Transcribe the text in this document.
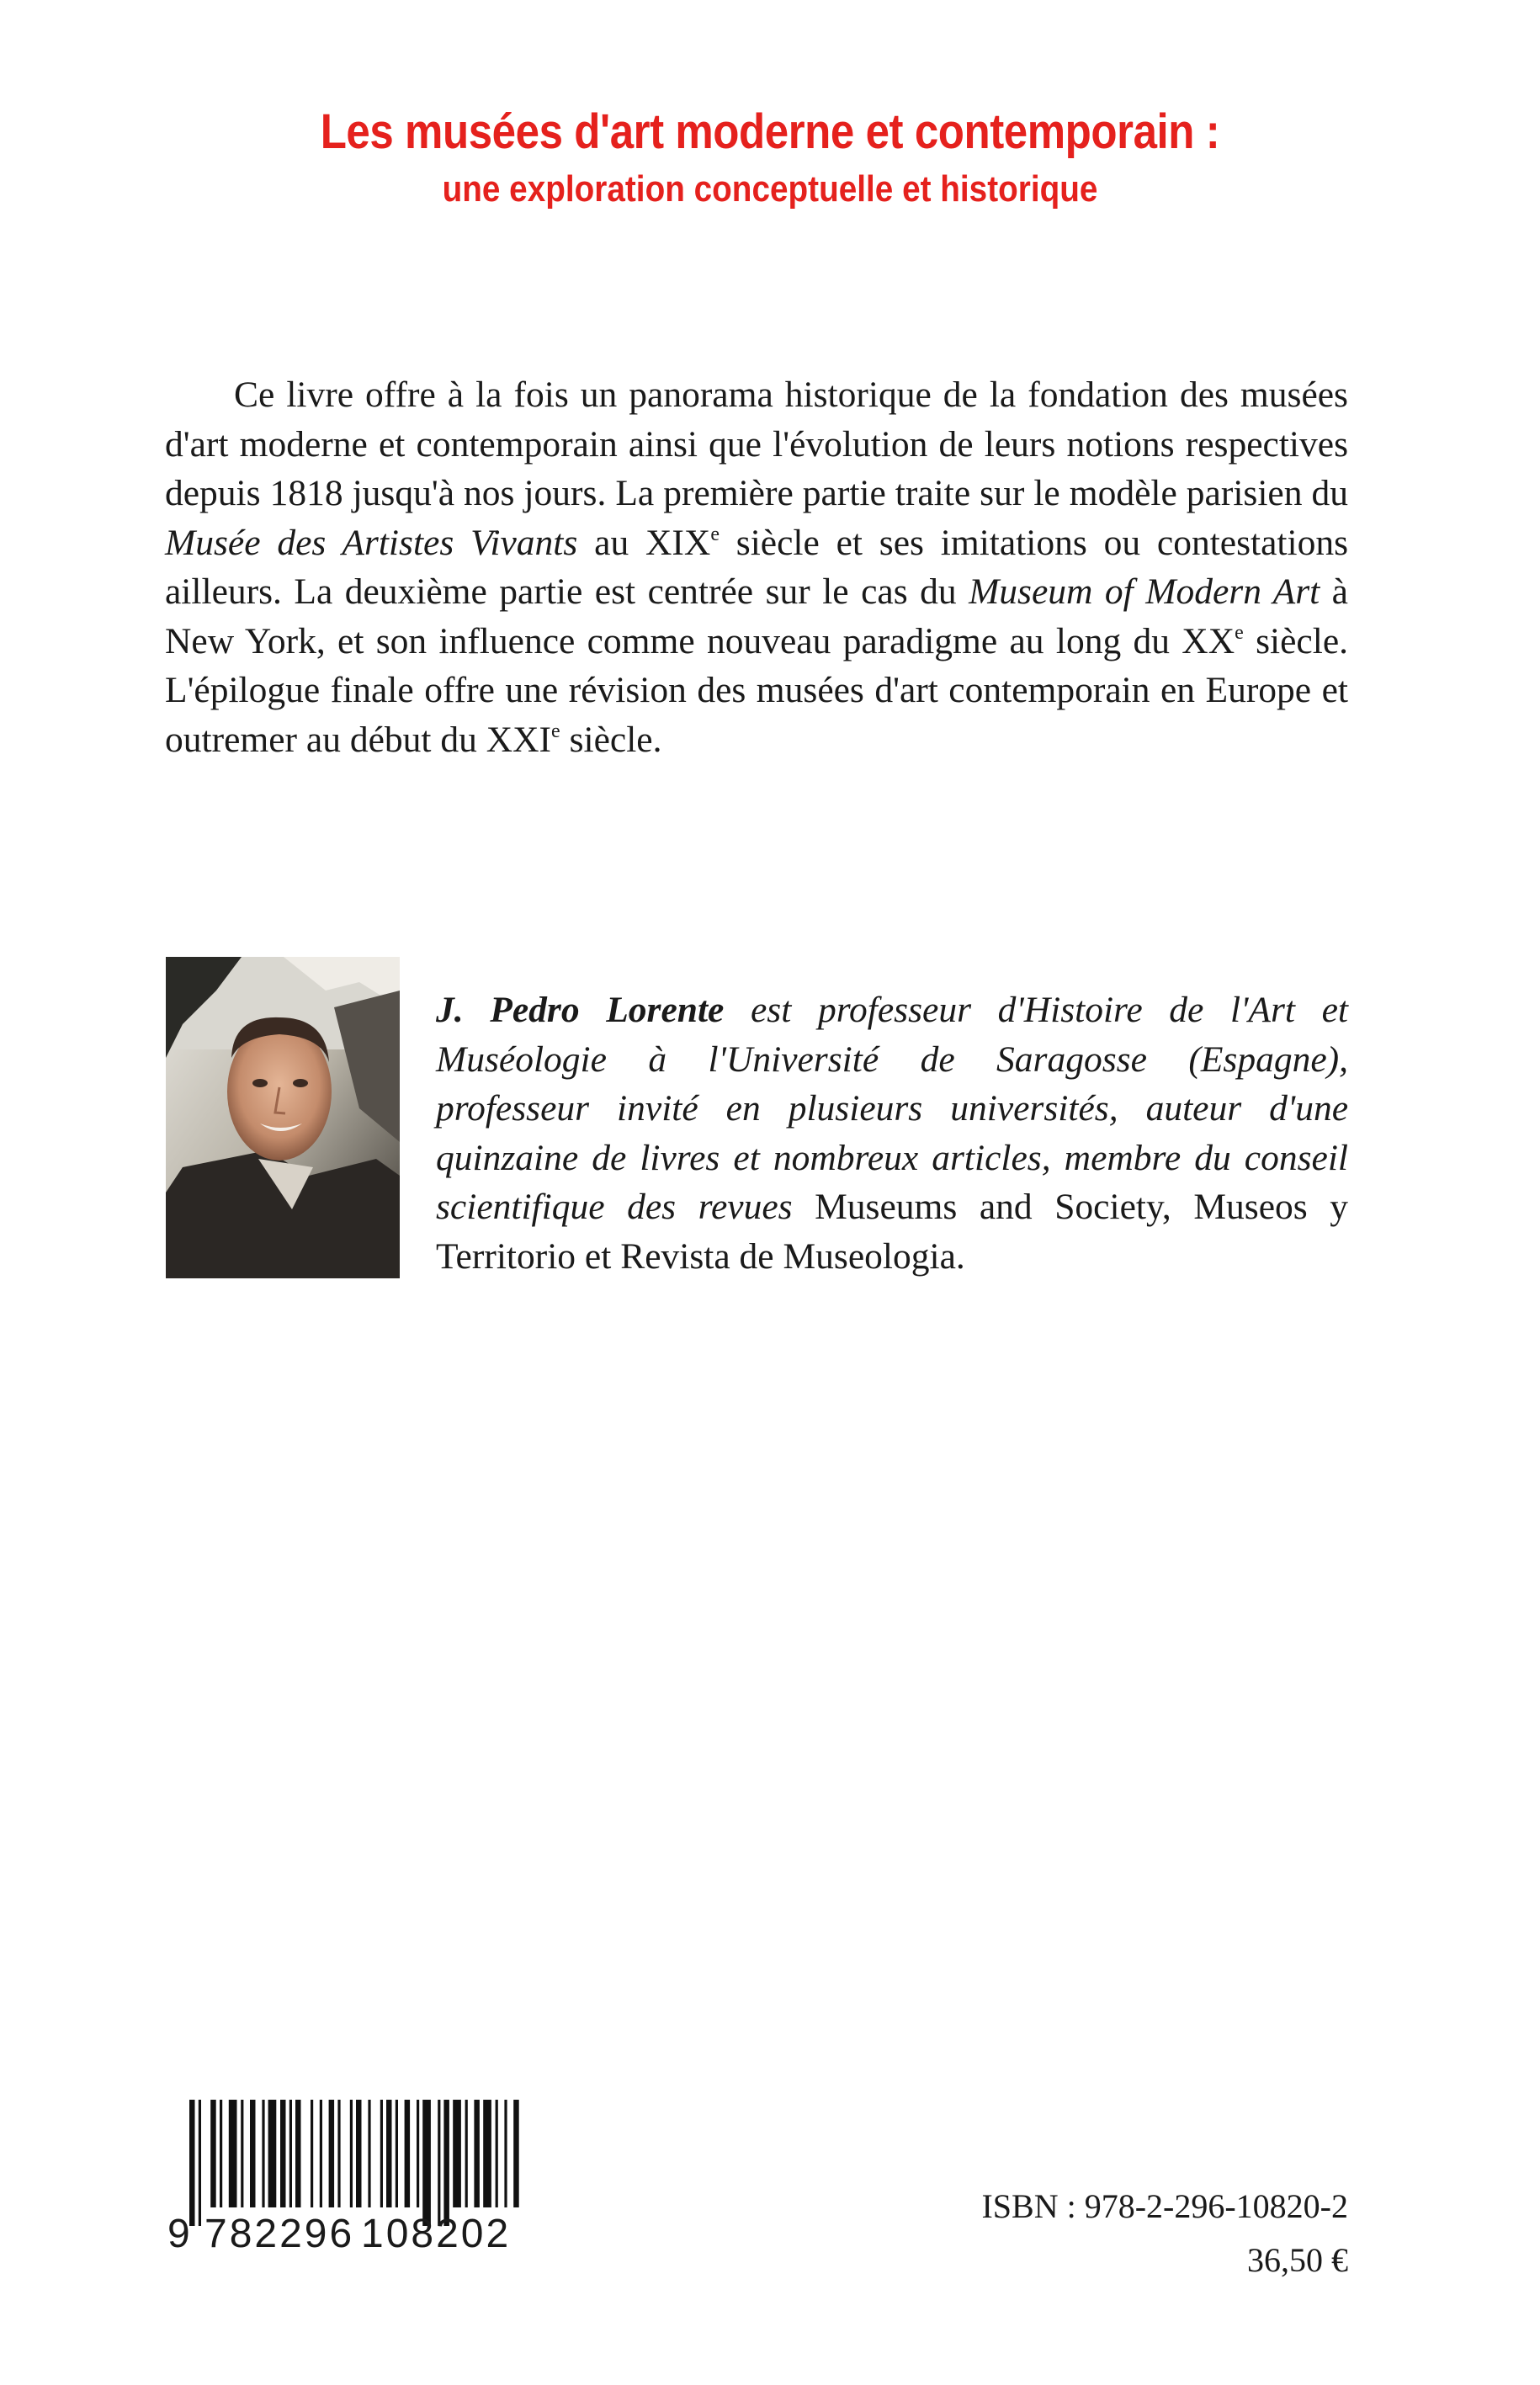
Les musées d'art moderne et contemporain :
une exploration conceptuelle et historique

Ce livre offre à la fois un panorama historique de la fondation des musées d'art moderne et contemporain ainsi que l'évolution de leurs notions respectives depuis 1818 jusqu'à nos jours. La première partie traite sur le modèle parisien du Musée des Artistes Vivants au XIXe siècle et ses imitations ou contestations ailleurs. La deuxième partie est centrée sur le cas du Museum of Modern Art à New York, et son influence comme nouveau paradigme au long du XXe siècle. L'épilogue finale offre une révision des musées d'art contemporain en Europe et outremer au début du XXIe siècle.

J. Pedro Lorente est professeur d'Histoire de l'Art et Muséologie à l'Université de Saragosse (Espagne), professeur invité en plusieurs universités, auteur d'une quinzaine de livres et nombreux articles, membre du conseil scientifique des revues Museums and Society, Museos y Territorio et Revista de Museologia.

9 782296 108202
ISBN : 978-2-296-10820-2
36,50 €
